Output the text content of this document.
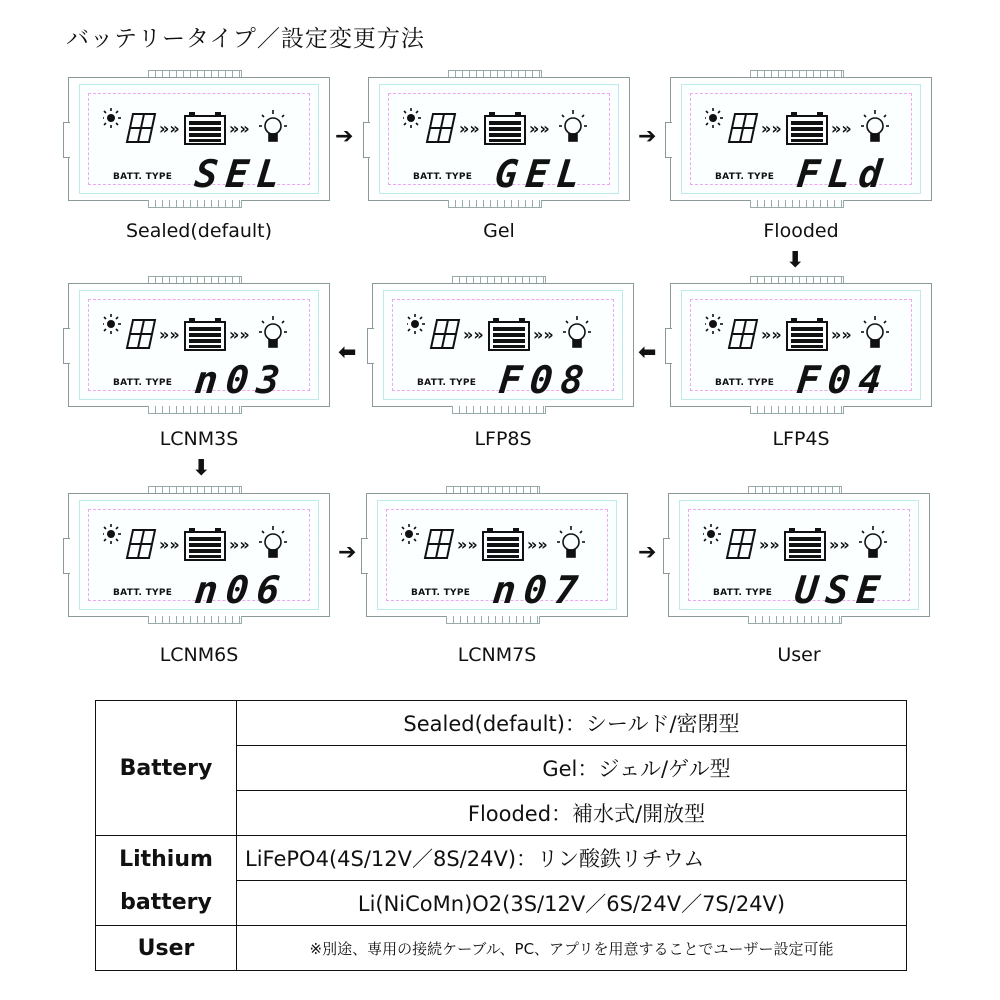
バッテリータイプ／設定変更方法
»»	»»
BATT. TYPE SEL
Sealed(default)
»»	»»
BATT. TYPE GEL
Gel
»»	»»
BATT. TYPE FLd
Flooded
»»	»»
BATT. TYPE F04
LFP4S
»»	»»
BATT. TYPE F08
LFP8S
»»	»»
BATT. TYPE n03
LCNM3S
»»	»»
BATT. TYPE n06
LCNM6S
»»	»»
BATT. TYPE n07
LCNM7S
»»	»»
BATT. TYPE USE
User
➔	➔
⬇
⬅
⬅
⬇
➔	➔
Battery	Sealed(default)：シールド/密閉型
	Gel：ジェル/ゲル型
	Flooded：補水式/開放型

Lithium
battery	LiFePO4(4S/12V／8S/24V)：リン酸鉄リチウム
	Li(NiCoMn)O2(3S/12V／6S/24V／7S/24V)
User	※別途、専用の接続ケーブル、PC、アプリを用意することでユーザー設定可能
